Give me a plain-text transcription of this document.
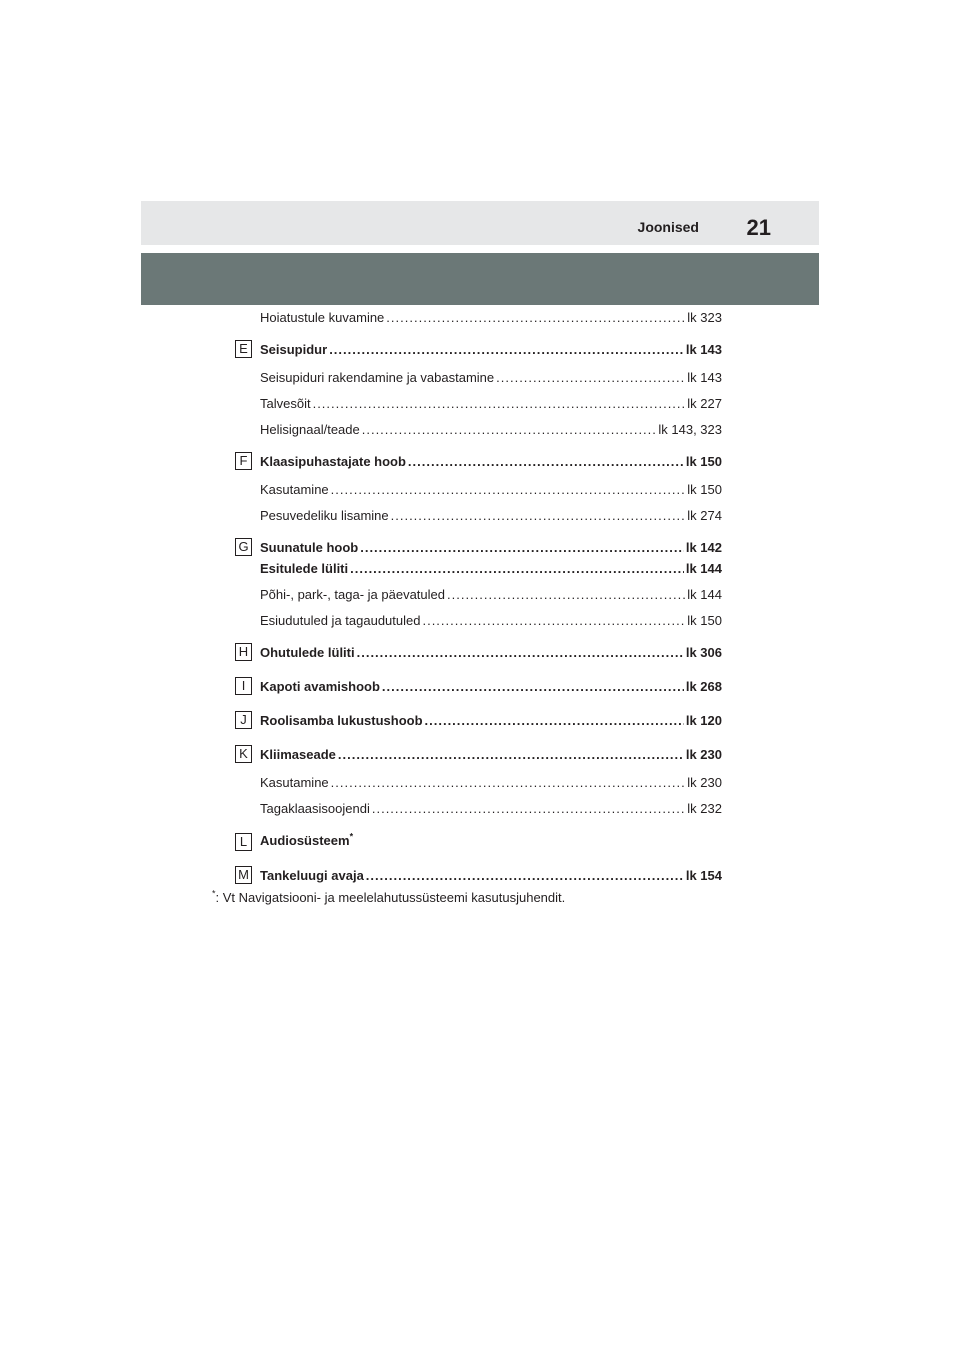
Joonised 21
Hoiatustule kuvamine .....	lk 323
E Seisupidur .....	lk 143
Seisupiduri rakendamine ja vabastamine .....	lk 143
Talvesõit .....	lk 227
Helisignaal/teade .....	lk 143, 323
F Klaasipuhastajate hoob .....	lk 150
Kasutamine .....	lk 150
Pesuvedeliku lisamine .....	lk 274
G Suunatule hoob .....	lk 142
Esitulede lüliti .....	lk 144
Põhi-, park-, taga- ja päevatuled .....	lk 144
Esiudutuled ja tagaudutuled .....	lk 150
H Ohutulede lüliti .....	lk 306
I	Kapoti avamishoob .....	lk 268
J	Roolisamba lukustushoob .....	lk 120
K Kliimaseade .....	lk 230
Kasutamine .....	lk 230
Tagaklaasisoojendi .....	lk 232
L Audiosüsteem*
M Tankeluugi avaja .....	lk 154
*: Vt Navigatsiooni- ja meelelahutussüsteemi kasutusjuhendit.
